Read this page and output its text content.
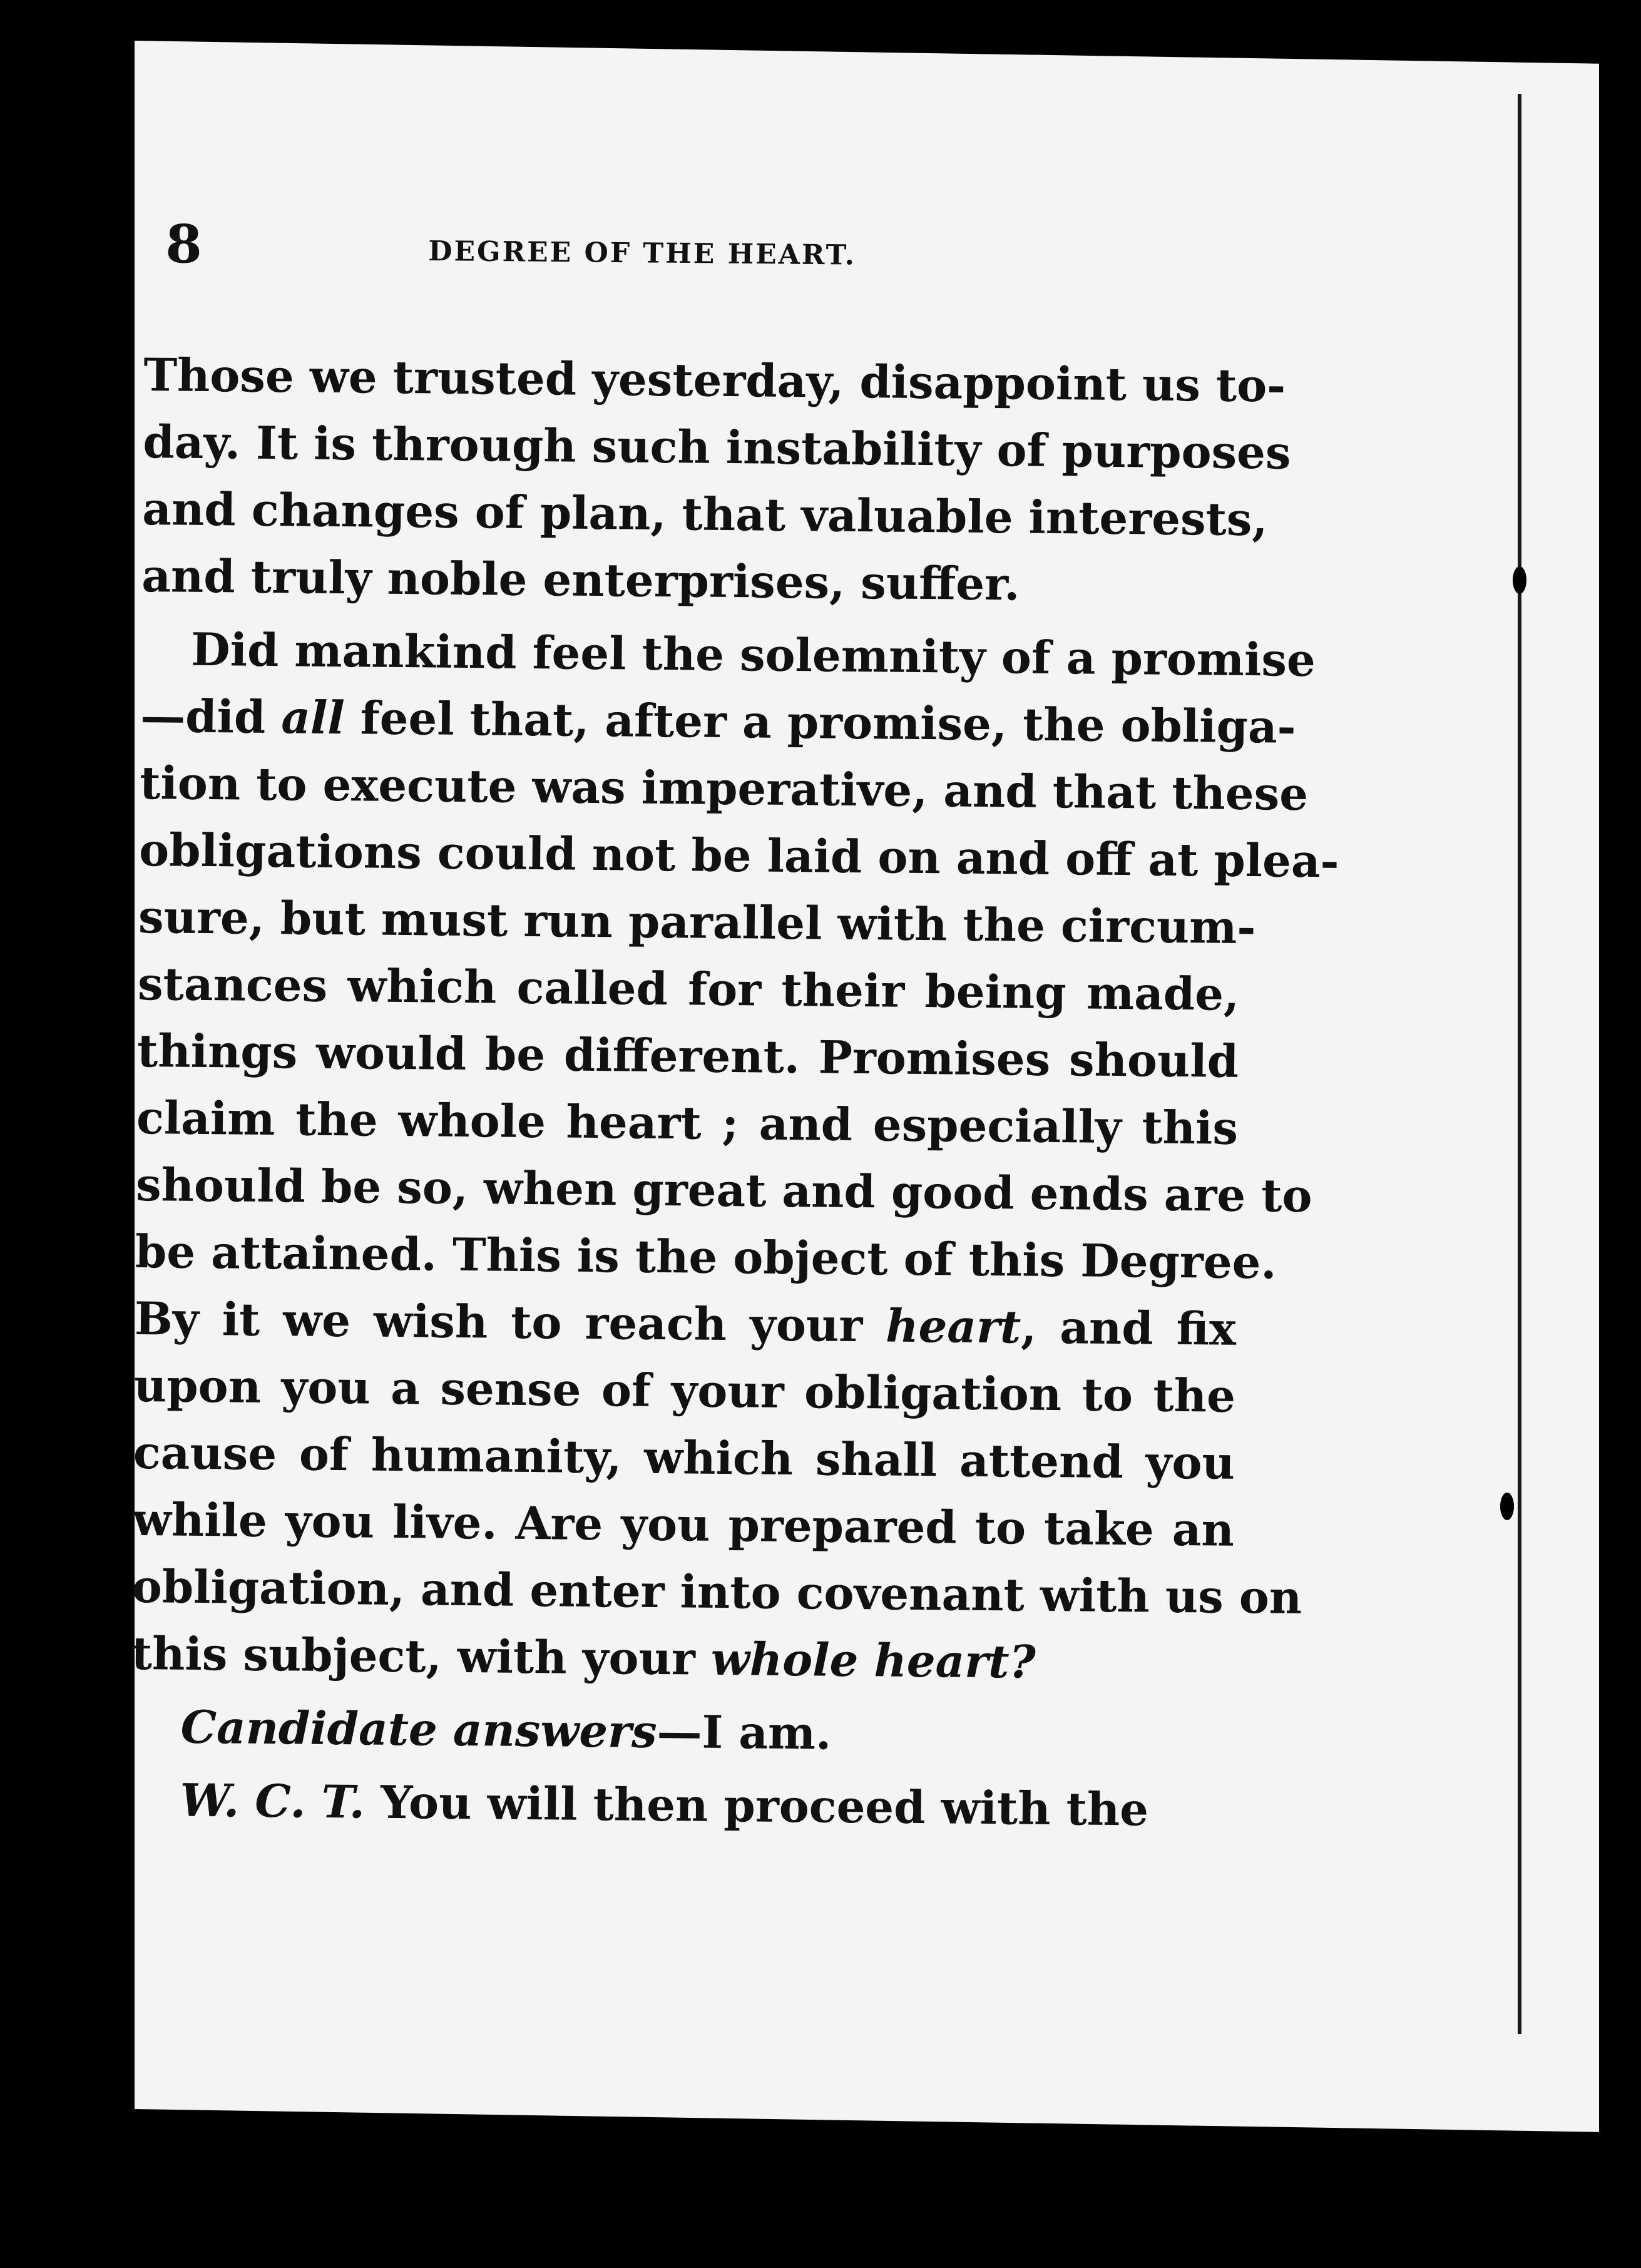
8	DEGREE OF THE HEART.
Those we trusted yesterday, disappoint us to-
day. It is through such instability of purposes
and changes of plan, that valuable interests,
and truly noble enterprises, suffer.
Did mankind feel the solemnity of a promise
—did all feel that, after a promise, the obliga-
tion to execute was imperative, and that these
obligations could not be laid on and off at plea-
sure, but must run parallel with the circum-
stances which called for their being made,
things would be different. Promises should
claim the whole heart ; and especially this
should be so, when great and good ends are to
be attained. This is the object of this Degree.
By it we wish to reach your heart, and fix
upon you a sense of your obligation to the
cause of humanity, which shall attend you
while you live. Are you prepared to take an
obligation, and enter into covenant with us on
this subject, with your whole heart?
Candidate answers—I am.
W. C. T. You will then proceed with the
